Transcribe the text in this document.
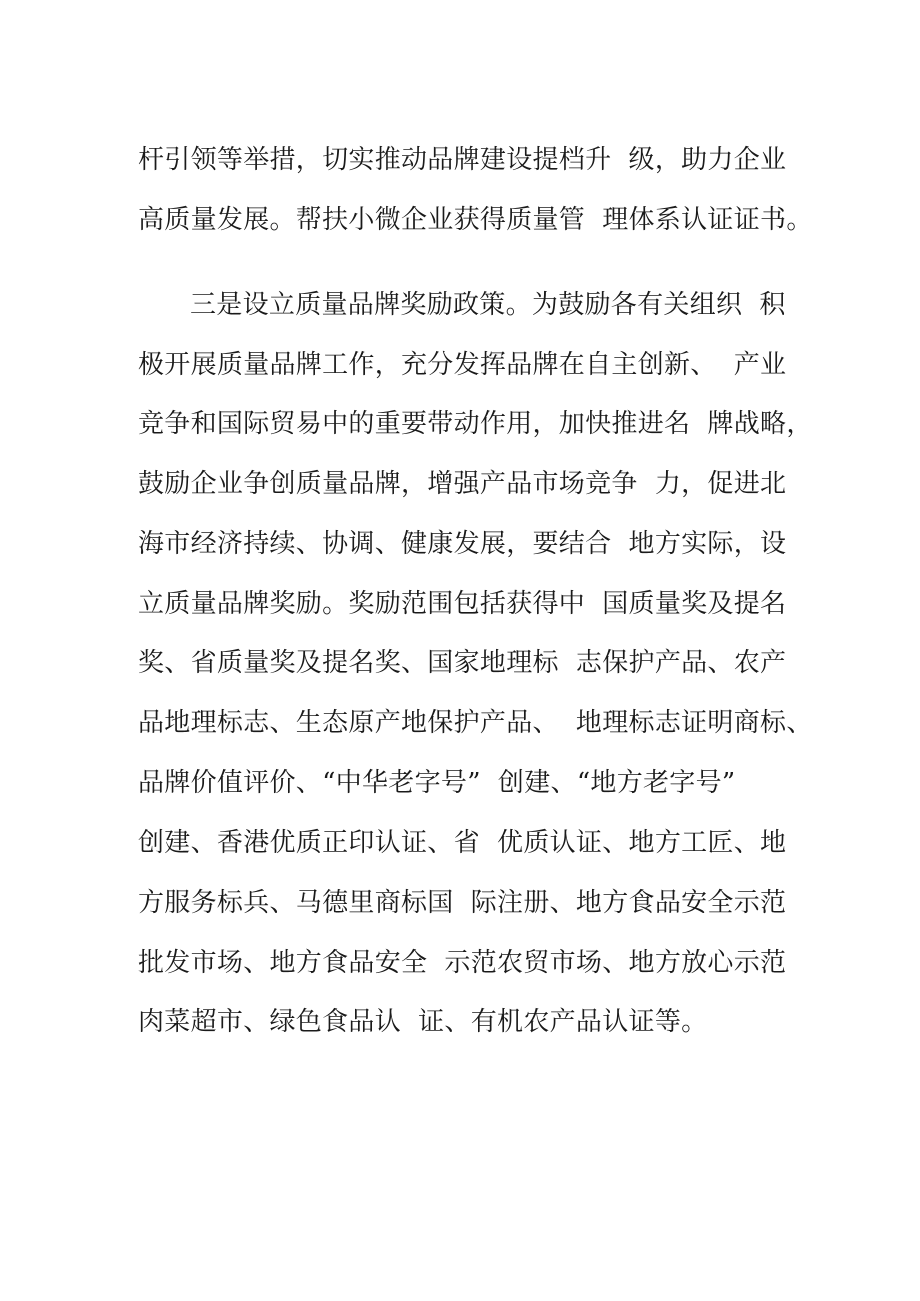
杆引领等举措，切实推动品牌建设提档升  级，助力企业
高质量发展。帮扶小微企业获得质量管  理体系认证证书。
三是设立质量品牌奖励政策。为鼓励各有关组织  积
极开展质量品牌工作，充分发挥品牌在自主创新、  产业
竞争和国际贸易中的重要带动作用，加快推进名  牌战略，
鼓励企业争创质量品牌，增强产品市场竞争  力，促进北
海市经济持续、协调、健康发展，要结合  地方实际，设
立质量品牌奖励。奖励范围包括获得中  国质量奖及提名
奖、省质量奖及提名奖、国家地理标  志保护产品、农产
品地理标志、生态原产地保护产品、  地理标志证明商标、
品牌价值评价、“中华老字号”  创建、“地方老字号”
创建、香港优质正印认证、省  优质认证、地方工匠、地
方服务标兵、马德里商标国  际注册、地方食品安全示范
批发市场、地方食品安全  示范农贸市场、地方放心示范
肉菜超市、绿色食品认  证、有机农产品认证等。
